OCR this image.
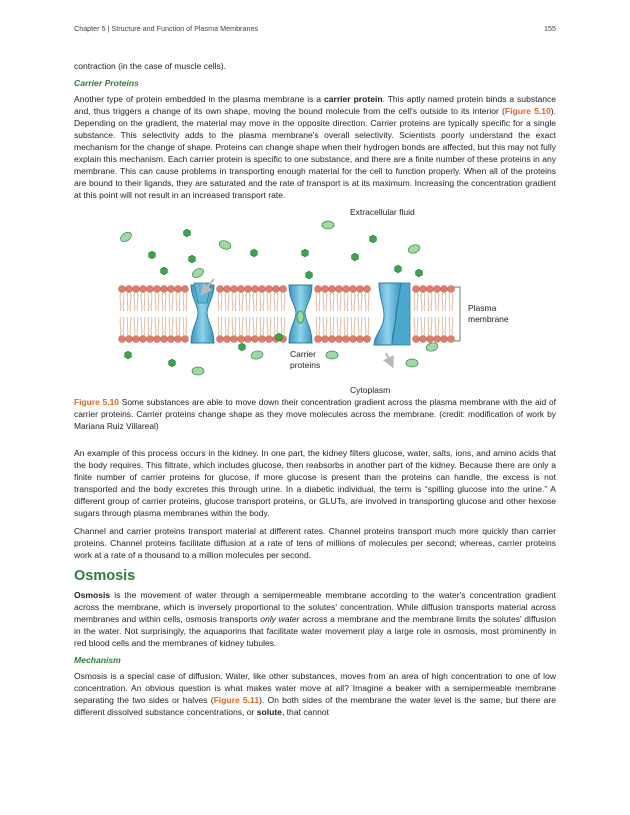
Chapter 5 | Structure and Function of Plasma Membranes	155

contraction (in the case of muscle cells).

Carrier Proteins

Another type of protein embedded in the plasma membrane is a carrier protein. This aptly named protein binds a substance and, thus triggers a change of its own shape, moving the bound molecule from the cell's outside to its interior (Figure 5.10). Depending on the gradient, the material may move in the opposite direction. Carrier proteins are typically specific for a single substance. This selectivity adds to the plasma membrane's overall selectivity. Scientists poorly understand the exact mechanism for the change of shape. Proteins can change shape when their hydrogen bonds are affected, but this may not fully explain this mechanism. Each carrier protein is specific to one substance, and there are a finite number of these proteins in any membrane. This can cause problems in transporting enough material for the cell to function properly. When all of the proteins are bound to their ligands, they are saturated and the rate of transport is at its maximum. Increasing the concentration gradient at this point will not result in an increased transport rate.

Extracellular fluid
Plasma
membrane
Carrier
proteins
Cytoplasm

Figure 5.10 Some substances are able to move down their concentration gradient across the plasma membrane with the aid of carrier proteins. Carrier proteins change shape as they move molecules across the membrane. (credit: modification of work by Mariana Ruiz Villareal)

An example of this process occurs in the kidney. In one part, the kidney filters glucose, water, salts, ions, and amino acids that the body requires. This filtrate, which includes glucose, then reabsorbs in another part of the kidney. Because there are only a finite number of carrier proteins for glucose, if more glucose is present than the proteins can handle, the excess is not transported and the body excretes this through urine. In a diabetic individual, the term is “spilling glucose into the urine.” A different group of carrier proteins, glucose transport proteins, or GLUTs, are involved in transporting glucose and other hexose sugars through plasma membranes within the body.

Channel and carrier proteins transport material at different rates. Channel proteins transport much more quickly than carrier proteins. Channel proteins facilitate diffusion at a rate of tens of millions of molecules per second; whereas, carrier proteins work at a rate of a thousand to a million molecules per second.

Osmosis

Osmosis is the movement of water through a semipermeable membrane according to the water's concentration gradient across the membrane, which is inversely proportional to the solutes' concentration. While diffusion transports material across membranes and within cells, osmosis transports only water across a membrane and the membrane limits the solutes' diffusion in the water. Not surprisingly, the aquaporins that facilitate water movement play a large role in osmosis, most prominently in red blood cells and the membranes of kidney tubules.

Mechanism

Osmosis is a special case of diffusion. Water, like other substances, moves from an area of high concentration to one of low concentration. An obvious question is what makes water move at all? Imagine a beaker with a semipermeable membrane separating the two sides or halves (Figure 5.11). On both sides of the membrane the water level is the same, but there are different dissolved substance concentrations, or solute, that cannot
